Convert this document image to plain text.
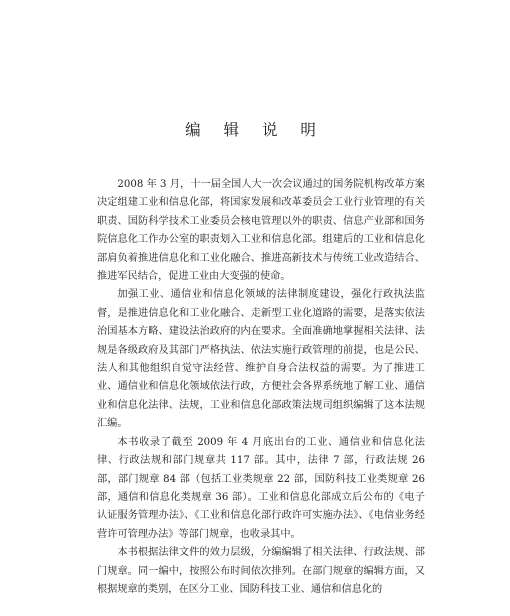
编 辑 说 明

2008 年 3 月，十一届全国人大一次会议通过的国务院机构改革方案决定组建工业和信息化部，将国家发展和改革委员会工业行业管理的有关职责、国防科学技术工业委员会核电管理以外的职责、信息产业部和国务院信息化工作办公室的职责划入工业和信息化部。组建后的工业和信息化部肩负着推进信息化和工业化融合、推进高新技术与传统工业改造结合、推进军民结合，促进工业由大变强的使命。

加强工业、通信业和信息化领域的法律制度建设，强化行政执法监督，是推进信息化和工业化融合、走新型工业化道路的需要，是落实依法治国基本方略、建设法治政府的内在要求。全面准确地掌握相关法律、法规是各级政府及其部门严格执法、依法实施行政管理的前提，也是公民、法人和其他组织自觉守法经营、维护自身合法权益的需要。为了推进工业、通信业和信息化领域依法行政，方便社会各界系统地了解工业、通信业和信息化法律、法规，工业和信息化部政策法规司组织编辑了这本法规汇编。

本书收录了截至 2009 年 4 月底出台的工业、通信业和信息化法律、行政法规和部门规章共 117 部。其中，法律 7 部，行政法规 26 部，部门规章 84 部（包括工业类规章 22 部，国防科技工业类规章 26 部，通信和信息化类规章 36 部）。工业和信息化部成立后公布的《电子认证服务管理办法》、《工业和信息化部行政许可实施办法》、《电信业务经营许可管理办法》等部门规章，也收录其中。

本书根据法律文件的效力层级，分编编辑了相关法律、行政法规、部门规章。同一编中，按照公布时间依次排列。在部门规章的编辑方面，又根据规章的类别，在区分工业、国防科技工业、通信和信息化的
